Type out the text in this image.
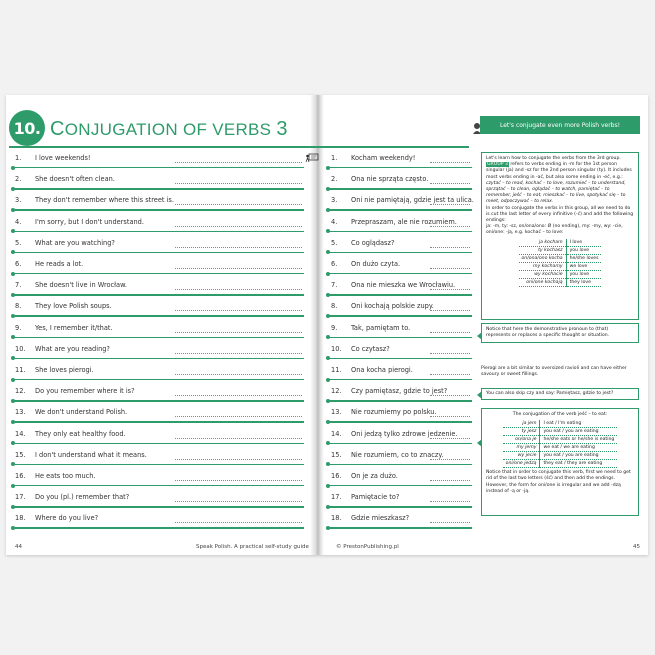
10. CONJUGATION OF VERBS 3	Let's conjugate even more Polish verbs!
1. I love weekends!
2. She doesn't often clean.
3. They don't remember where this street is.
4. I'm sorry, but I don't understand.
5. What are you watching?
6. He reads a lot.
7. She doesn't live in Wrocław.
8. They love Polish soups.
9. Yes, I remember it/that.
10. What are you reading?
11. She loves pierogi.
12. Do you remember where it is?
13. We don't understand Polish.
14. They only eat healthy food.
15. I don't understand what it means.
16. He eats too much.
17. Do you (pl.) remember that?
18. Where do you live?
1. Kocham weekendy!
2. Ona nie sprząta często.
3. Oni nie pamiętają, gdzie jest ta ulica.
4. Przepraszam, ale nie rozumiem.
5. Co oglądasz?
6. On dużo czyta.
7. Ona nie mieszka we Wrocławiu.
8. Oni kochają polskie zupy.
9. Tak, pamiętam to.
10. Co czytasz?
11. Ona kocha pierogi.
12. Czy pamiętasz, gdzie to jest?
13. Nie rozumiemy po polsku.
14. Oni jedzą tylko zdrowe jedzenie.
15. Nie rozumiem, co to znaczy.
16. On je za dużo.
17. Pamiętacie to?
18. Gdzie mieszkasz?
Let's learn how to conjugate the verbs from the 3rd group. GROUP 3 refers to verbs ending in -m for the 1st person singular (ja) and -sz for the 2nd person singular (ty). It includes most verbs ending in -ać, but also some ending in -eć, e.g.:
czytać – to read, kochać – to love, rozumieć – to understand, sprzątać – to clean, oglądać – to watch, pamiętać – to remember, jeść – to eat, mieszkać – to live, spotykać się – to meet, odpoczywać – to relax.
In order to conjugate the verbs in this group, all we need to do is cut the last letter of every infinitive (-ć) and add the following endings:
ja: -m, ty: -sz, on/ona/ono: Ø (no ending), my: -my, wy: -cie, oni/one: -ją, e.g. kochać – to love:
ja kocham	I love
ty kochasz	you love
on/ona/ono kocha	he/she loves
my kochamy	we love
wy kochacie	you love
oni/one kochają	they love
Notice that here the demonstrative pronoun to (that) represents or replaces a specific thought or situation.
Pierogi are a bit similar to oversized ravioli and can have either savoury or sweet fillings.
You can also skip czy and say: Pamiętasz, gdzie to jest?
The conjugation of the verb jeść – to eat:
ja jem	I eat / I'm eating
ty jesz	you eat / you are eating
on/ona je	he/she eats or he/she is eating
my jemy	we eat / we are eating
wy jecie	you eat / you are eating
oni/one jedzą	they eat / they are eating
Notice that in order to conjugate this verb, first we need to get rid of the last two letters (ść) and then add the endings. However, the form for oni/one is irregular and we add -dzą instead of -ą or -ją.
44	Speak Polish. A practical self-study guide	© PrestonPublishing.pl	45
